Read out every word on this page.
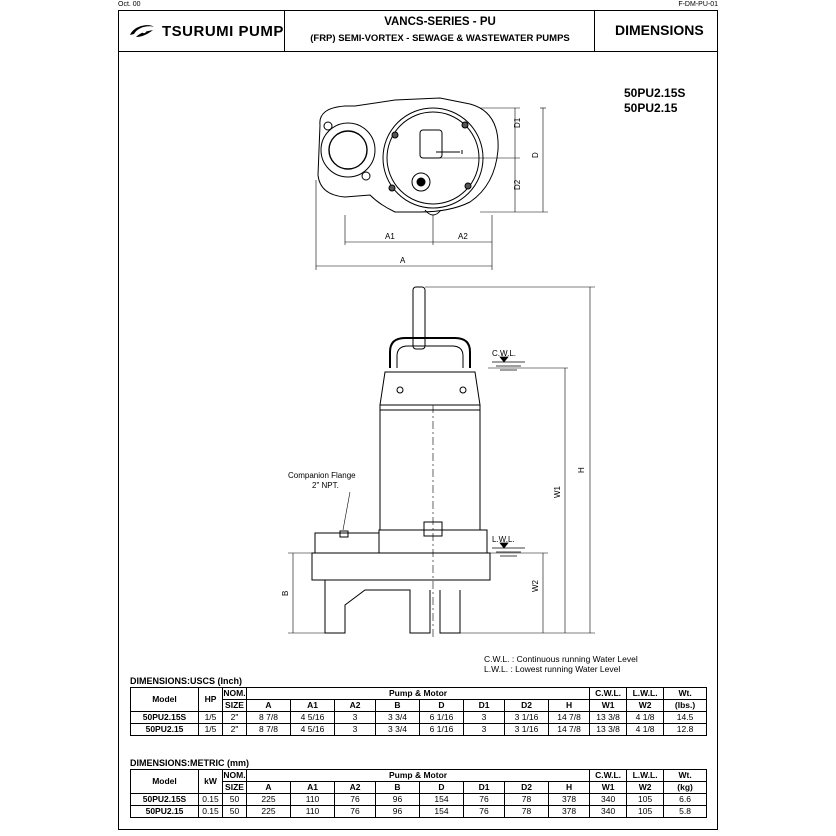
Oct. 00	F-DM-PU-01
TSURUMI PUMP
VANCS-SERIES - PU
(FRP) SEMI-VORTEX - SEWAGE & WASTEWATER PUMPS
DIMENSIONS
50PU2.15S
50PU2.15
D1
D2
D
A1	A2
A
H
W1
W2
B
C.W.L.
L.W.L.
Companion Flange
2" NPT.
C.W.L. : Continuous running Water Level
L.W.L. : Lowest running Water Level
DIMENSIONS:USCS (Inch)
Model	HP	NOM.	Pump & Motor								C.W.L.	L.W.L.	Wt.
		SIZE	A	A1	A2	B	D	D1	D2	H	W1	W2	(lbs.)
50PU2.15S	1/5	2"	8 7/8	4 5/16	3	3 3/4	6 1/16	3	3 1/16	14 7/8	13 3/8	4 1/8	14.5
50PU2.15	1/5	2"	8 7/8	4 5/16	3	3 3/4	6 1/16	3	3 1/16	14 7/8	13 3/8	4 1/8	12.8
DIMENSIONS:METRIC (mm)
Model	kW	NOM.	Pump & Motor								C.W.L.	L.W.L.	Wt.
		SIZE	A	A1	A2	B	D	D1	D2	H	W1	W2	(kg)
50PU2.15S	0.15	50	225	110	76	96	154	76	78	378	340	105	6.6
50PU2.15	0.15	50	225	110	76	96	154	76	78	378	340	105	5.8
